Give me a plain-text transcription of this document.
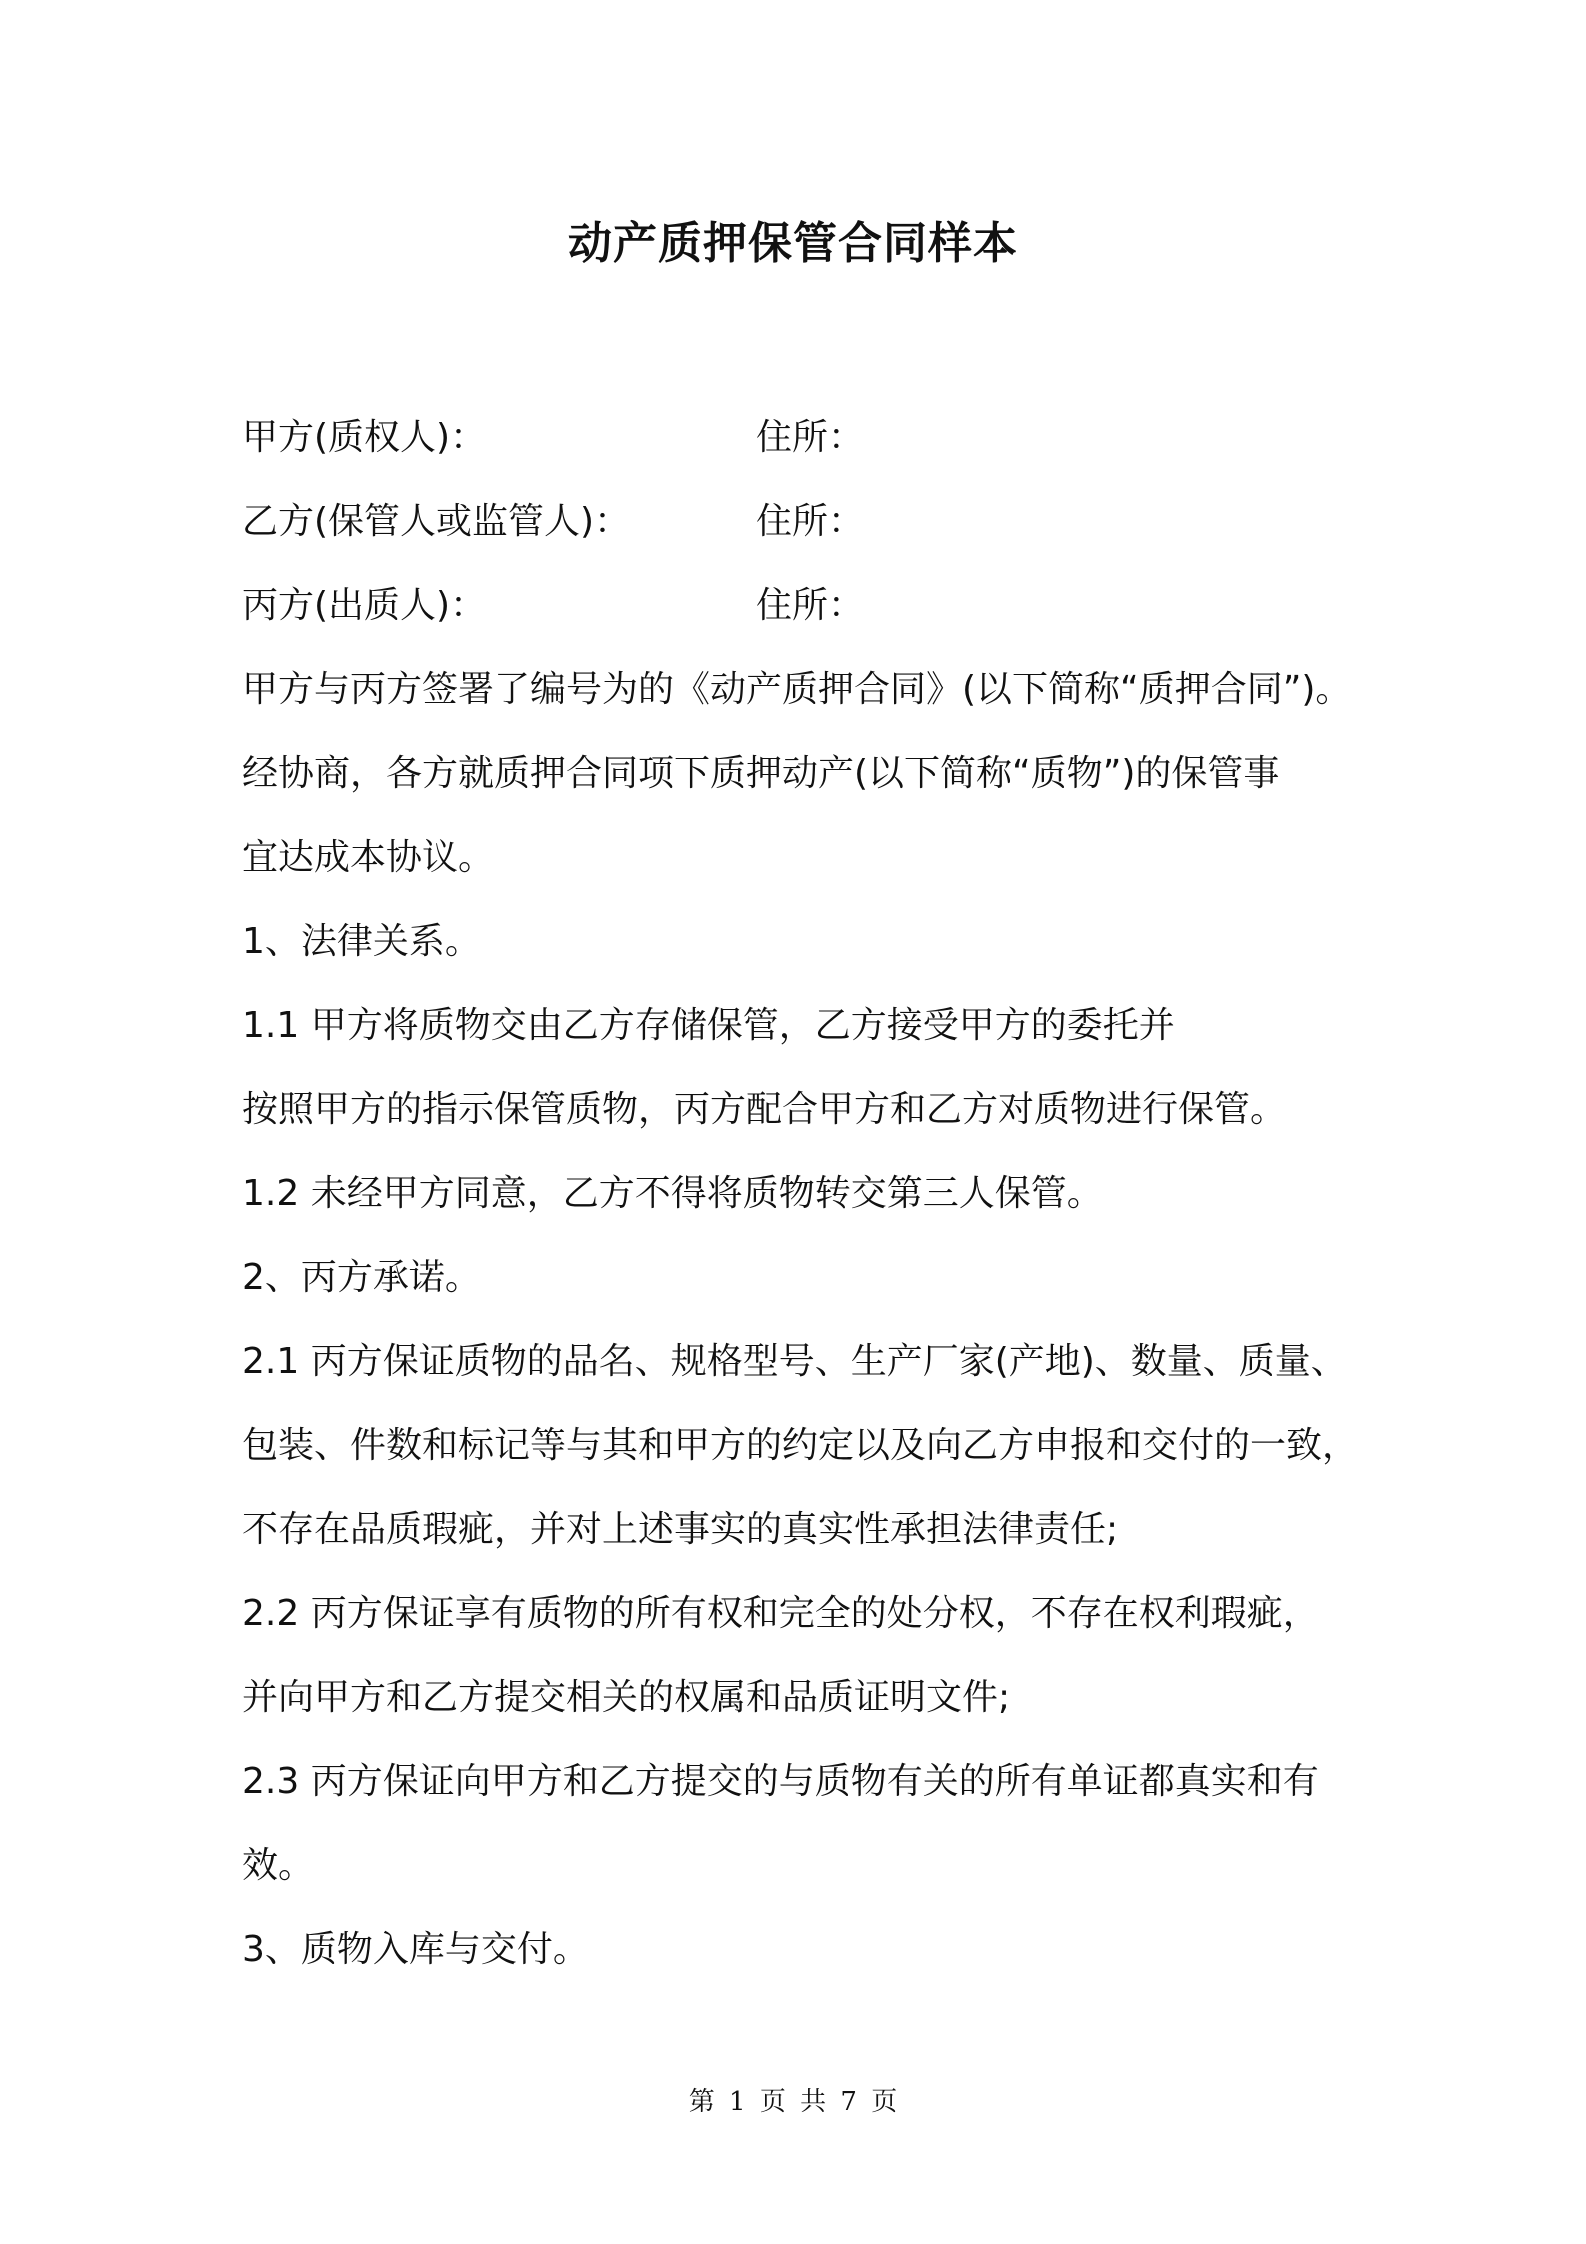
动产质押保管合同样本
甲方(质权人)：	住所：
乙方(保管人或监管人)：	住所：
丙方(出质人)：	住所：
甲方与丙方签署了编号为的《动产质押合同》(以下简称“质押合同”)。
经协商，各方就质押合同项下质押动产(以下简称“质物”)的保管事
宜达成本协议。
1、法律关系。
1.1 甲方将质物交由乙方存储保管，乙方接受甲方的委托并
按照甲方的指示保管质物，丙方配合甲方和乙方对质物进行保管。
1.2 未经甲方同意，乙方不得将质物转交第三人保管。
2、丙方承诺。
2.1 丙方保证质物的品名、规格型号、生产厂家(产地)、数量、质量、
包装、件数和标记等与其和甲方的约定以及向乙方申报和交付的一致，
不存在品质瑕疵，并对上述事实的真实性承担法律责任;
2.2 丙方保证享有质物的所有权和完全的处分权，不存在权利瑕疵，
并向甲方和乙方提交相关的权属和品质证明文件;
2.3 丙方保证向甲方和乙方提交的与质物有关的所有单证都真实和有
效。
3、质物入库与交付。
第 1 页 共 7 页
